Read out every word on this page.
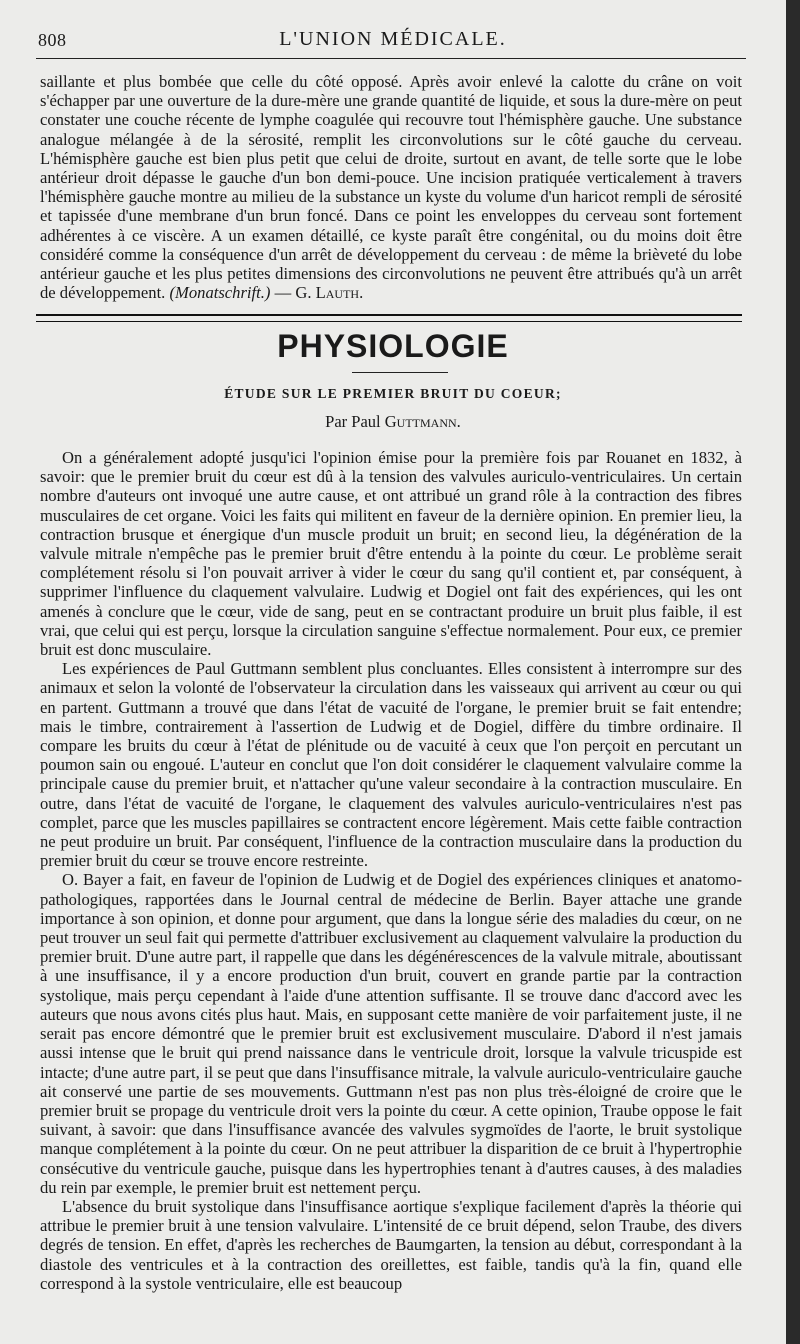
808	L'UNION MÉDICALE.

saillante et plus bombée que celle du côté opposé. Après avoir enlevé la calotte du crâne on voit s'échapper par une ouverture de la dure-mère une grande quantité de liquide, et sous la dure-mère on peut constater une couche récente de lymphe coagulée qui recouvre tout l'hémisphère gauche. Une substance analogue mélangée à de la sérosité, remplit les circonvolutions sur le côté gauche du cerveau. L'hémisphère gauche est bien plus petit que celui de droite, surtout en avant, de telle sorte que le lobe antérieur droit dépasse le gauche d'un bon demi-pouce. Une incision pratiquée verticalement à travers l'hémisphère gauche montre au milieu de la substance un kyste du volume d'un haricot rempli de sérosité et tapissée d'une membrane d'un brun foncé. Dans ce point les enveloppes du cerveau sont fortement adhérentes à ce viscère. A un examen détaillé, ce kyste paraît être congénital, ou du moins doit être considéré comme la conséquence d'un arrêt de développement du cerveau : de même la brièveté du lobe antérieur gauche et les plus petites dimensions des circonvolutions ne peuvent être attribués qu'à un arrêt de développement. (Monatschrift.) — G. Lauth.

PHYSIOLOGIE
ÉTUDE SUR LE PREMIER BRUIT DU COEUR;
Par Paul Guttmann.

On a généralement adopté jusqu'ici l'opinion émise pour la première fois par Rouanet en 1832, à savoir: que le premier bruit du cœur est dû à la tension des valvules auriculo-ventriculaires. Un certain nombre d'auteurs ont invoqué une autre cause, et ont attribué un grand rôle à la contraction des fibres musculaires de cet organe. Voici les faits qui militent en faveur de la dernière opinion. En premier lieu, la contraction brusque et énergique d'un muscle produit un bruit; en second lieu, la dégénération de la valvule mitrale n'empêche pas le premier bruit d'être entendu à la pointe du cœur. Le problème serait complétement résolu si l'on pouvait arriver à vider le cœur du sang qu'il contient et, par conséquent, à supprimer l'influence du claquement valvulaire. Ludwig et Dogiel ont fait des expériences, qui les ont amenés à conclure que le cœur, vide de sang, peut en se contractant produire un bruit plus faible, il est vrai, que celui qui est perçu, lorsque la circulation sanguine s'effectue normalement. Pour eux, ce premier bruit est donc musculaire.

Les expériences de Paul Guttmann semblent plus concluantes. Elles consistent à interrompre sur des animaux et selon la volonté de l'observateur la circulation dans les vaisseaux qui arrivent au cœur ou qui en partent. Guttmann a trouvé que dans l'état de vacuité de l'organe, le premier bruit se fait entendre; mais le timbre, contrairement à l'assertion de Ludwig et de Dogiel, diffère du timbre ordinaire. Il compare les bruits du cœur à l'état de plénitude ou de vacuité à ceux que l'on perçoit en percutant un poumon sain ou engoué. L'auteur en conclut que l'on doit considérer le claquement valvulaire comme la principale cause du premier bruit, et n'attacher qu'une valeur secondaire à la contraction musculaire. En outre, dans l'état de vacuité de l'organe, le claquement des valvules auriculo-ventriculaires n'est pas complet, parce que les muscles papillaires se contractent encore légèrement. Mais cette faible contraction ne peut produire un bruit. Par conséquent, l'influence de la contraction musculaire dans la production du premier bruit du cœur se trouve encore restreinte.

O. Bayer a fait, en faveur de l'opinion de Ludwig et de Dogiel des expériences cliniques et anatomo-pathologiques, rapportées dans le Journal central de médecine de Berlin. Bayer attache une grande importance à son opinion, et donne pour argument, que dans la longue série des maladies du cœur, on ne peut trouver un seul fait qui permette d'attribuer exclusivement au claquement valvulaire la production du premier bruit. D'une autre part, il rappelle que dans les dégénérescences de la valvule mitrale, aboutissant à une insuffisance, il y a encore production d'un bruit, couvert en grande partie par la contraction systolique, mais perçu cependant à l'aide d'une attention suffisante. Il se trouve danc d'accord avec les auteurs que nous avons cités plus haut. Mais, en supposant cette manière de voir parfaitement juste, il ne serait pas encore démontré que le premier bruit est exclusivement musculaire. D'abord il n'est jamais aussi intense que le bruit qui prend naissance dans le ventricule droit, lorsque la valvule tricuspide est intacte; d'une autre part, il se peut que dans l'insuffisance mitrale, la valvule auriculo-ventriculaire gauche ait conservé une partie de ses mouvements. Guttmann n'est pas non plus très-éloigné de croire que le premier bruit se propage du ventricule droit vers la pointe du cœur. A cette opinion, Traube oppose le fait suivant, à savoir: que dans l'insuffisance avancée des valvules sygmoïdes de l'aorte, le bruit systolique manque complétement à la pointe du cœur. On ne peut attribuer la disparition de ce bruit à l'hypertrophie consécutive du ventricule gauche, puisque dans les hypertrophies tenant à d'autres causes, à des maladies du rein par exemple, le premier bruit est nettement perçu.

L'absence du bruit systolique dans l'insuffisance aortique s'explique facilement d'après la théorie qui attribue le premier bruit à une tension valvulaire. L'intensité de ce bruit dépend, selon Traube, des divers degrés de tension. En effet, d'après les recherches de Baumgarten, la tension au début, correspondant à la diastole des ventricules et à la contraction des oreillettes, est faible, tandis qu'à la fin, quand elle correspond à la systole ventriculaire, elle est beaucoup
